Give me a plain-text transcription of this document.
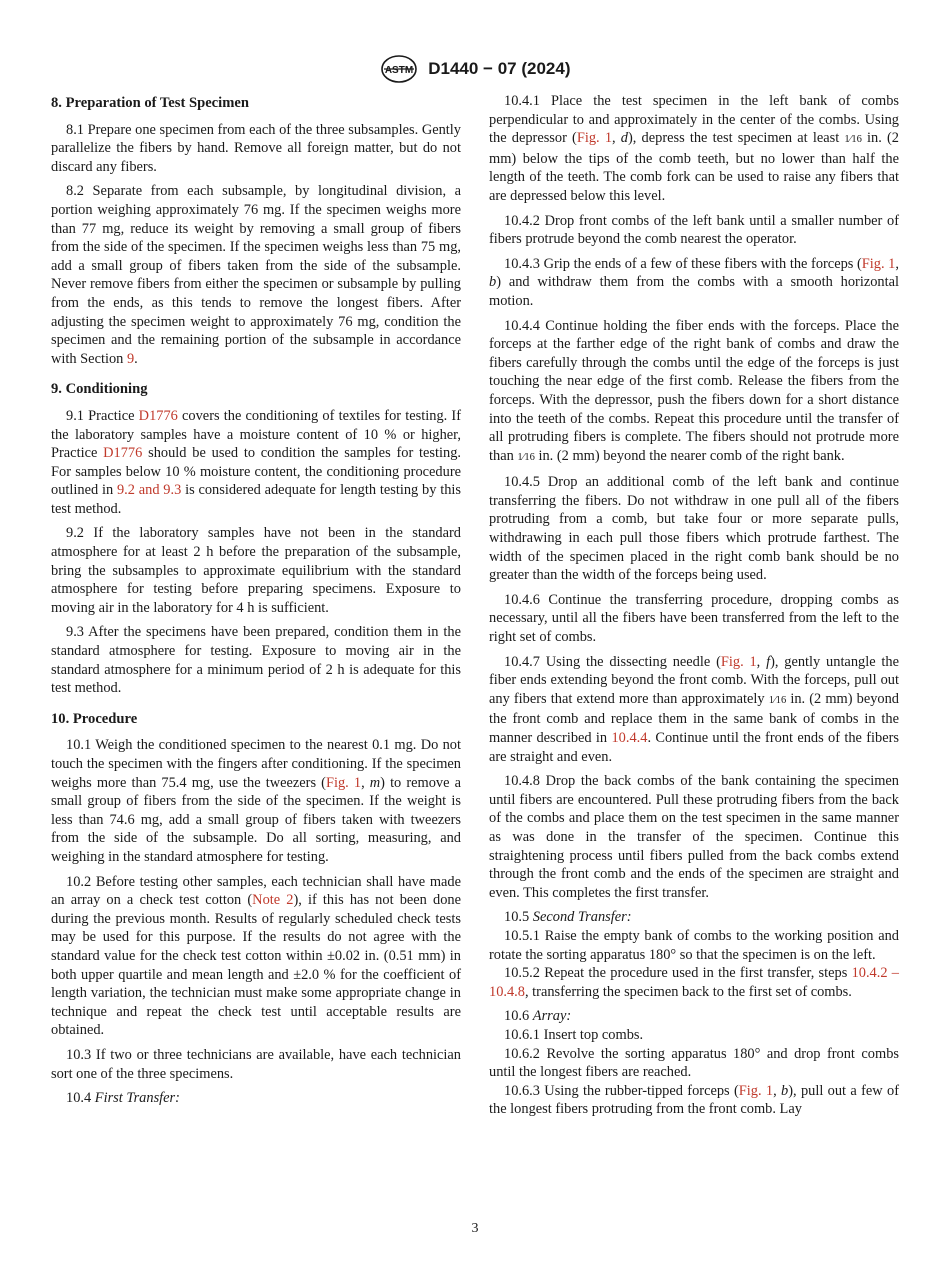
ASTM D1440 − 07 (2024)
8. Preparation of Test Specimen

8.1 Prepare one specimen from each of the three subsamples. Gently parallelize the fibers by hand. Remove all foreign matter, but do not discard any fibers.

8.2 Separate from each subsample, by longitudinal division, a portion weighing approximately 76 mg. If the specimen weighs more than 77 mg, reduce its weight by removing a small group of fibers from the side of the specimen. If the specimen weighs less than 75 mg, add a small group of fibers taken from the side of the subsample. Never remove fibers from either the specimen or subsample by pulling from the ends, as this tends to remove the longest fibers. After adjusting the specimen weight to approximately 76 mg, condition the specimen and the remaining portion of the subsample in accordance with Section 9.

9. Conditioning

9.1 Practice D1776 covers the conditioning of textiles for testing. If the laboratory samples have a moisture content of 10 % or higher, Practice D1776 should be used to condition the samples for testing. For samples below 10 % moisture content, the conditioning procedure outlined in 9.2 and 9.3 is considered adequate for length testing by this test method.

9.2 If the laboratory samples have not been in the standard atmosphere for at least 2 h before the preparation of the subsample, bring the subsamples to approximate equilibrium with the standard atmosphere for testing before preparing specimens. Exposure to moving air in the laboratory for 4 h is sufficient.

9.3 After the specimens have been prepared, condition them in the standard atmosphere for testing. Exposure to moving air in the standard atmosphere for a minimum period of 2 h is adequate for this test method.

10. Procedure

10.1 Weigh the conditioned specimen to the nearest 0.1 mg. Do not touch the specimen with the fingers after conditioning. If the specimen weighs more than 75.4 mg, use the tweezers (Fig. 1, m) to remove a small group of fibers from the side of the specimen. If the weight is less than 74.6 mg, add a small group of fibers taken with tweezers from the side of the subsample. Do all sorting, measuring, and weighing in the standard atmosphere for testing.

10.2 Before testing other samples, each technician shall have made an array on a check test cotton (Note 2), if this has not been done during the previous month. Results of regularly scheduled check tests may be used for this purpose. If the results do not agree with the standard value for the check test cotton within ±0.02 in. (0.51 mm) in both upper quartile and mean length and ±2.0 % for the coefficient of length variation, the technician must make some appropriate change in technique and repeat the check test until acceptable results are obtained.

10.3 If two or three technicians are available, have each technician sort one of the three specimens.

10.4 First Transfer:

10.4.1 Place the test specimen in the left bank of combs perpendicular to and approximately in the center of the combs. Using the depressor (Fig. 1, d), depress the test specimen at least 1⁄16 in. (2 mm) below the tips of the comb teeth, but no lower than half the length of the teeth. The comb fork can be used to raise any fibers that are depressed below this level.

10.4.2 Drop front combs of the left bank until a smaller number of fibers protrude beyond the comb nearest the operator.

10.4.3 Grip the ends of a few of these fibers with the forceps (Fig. 1, b) and withdraw them from the combs with a smooth horizontal motion.

10.4.4 Continue holding the fiber ends with the forceps. Place the forceps at the farther edge of the right bank of combs and draw the fibers carefully through the combs until the edge of the forceps is just touching the near edge of the first comb. Release the fibers from the forceps. With the depressor, push the fibers down for a short distance into the teeth of the combs. Repeat this procedure until the transfer of all protruding fibers is complete. The fibers should not protrude more than 1⁄16 in. (2 mm) beyond the nearer comb of the right bank.

10.4.5 Drop an additional comb of the left bank and continue transferring the fibers. Do not withdraw in one pull all of the fibers protruding from a comb, but take four or more separate pulls, withdrawing in each pull those fibers which protrude farthest. The width of the specimen placed in the right comb bank should be no greater than the width of the forceps being used.

10.4.6 Continue the transferring procedure, dropping combs as necessary, until all the fibers have been transferred from the left to the right set of combs.

10.4.7 Using the dissecting needle (Fig. 1, f), gently untangle the fiber ends extending beyond the front comb. With the forceps, pull out any fibers that extend more than approximately 1⁄16 in. (2 mm) beyond the front comb and replace them in the same bank of combs in the manner described in 10.4.4. Continue until the front ends of the fibers are straight and even.

10.4.8 Drop the back combs of the bank containing the specimen until fibers are encountered. Pull these protruding fibers from the back of the combs and place them on the test specimen in the same manner as was done in the transfer of the specimen. Continue this straightening process until fibers pulled from the back combs extend through the front comb and the ends of the specimen are straight and even. This completes the first transfer.

10.5 Second Transfer:

10.5.1 Raise the empty bank of combs to the working position and rotate the sorting apparatus 180° so that the specimen is on the left.

10.5.2 Repeat the procedure used in the first transfer, steps 10.4.2 – 10.4.8, transferring the specimen back to the first set of combs.

10.6 Array:

10.6.1 Insert top combs.

10.6.2 Revolve the sorting apparatus 180° and drop front combs until the longest fibers are reached.

10.6.3 Using the rubber-tipped forceps (Fig. 1, b), pull out a few of the longest fibers protruding from the front comb. Lay

3
